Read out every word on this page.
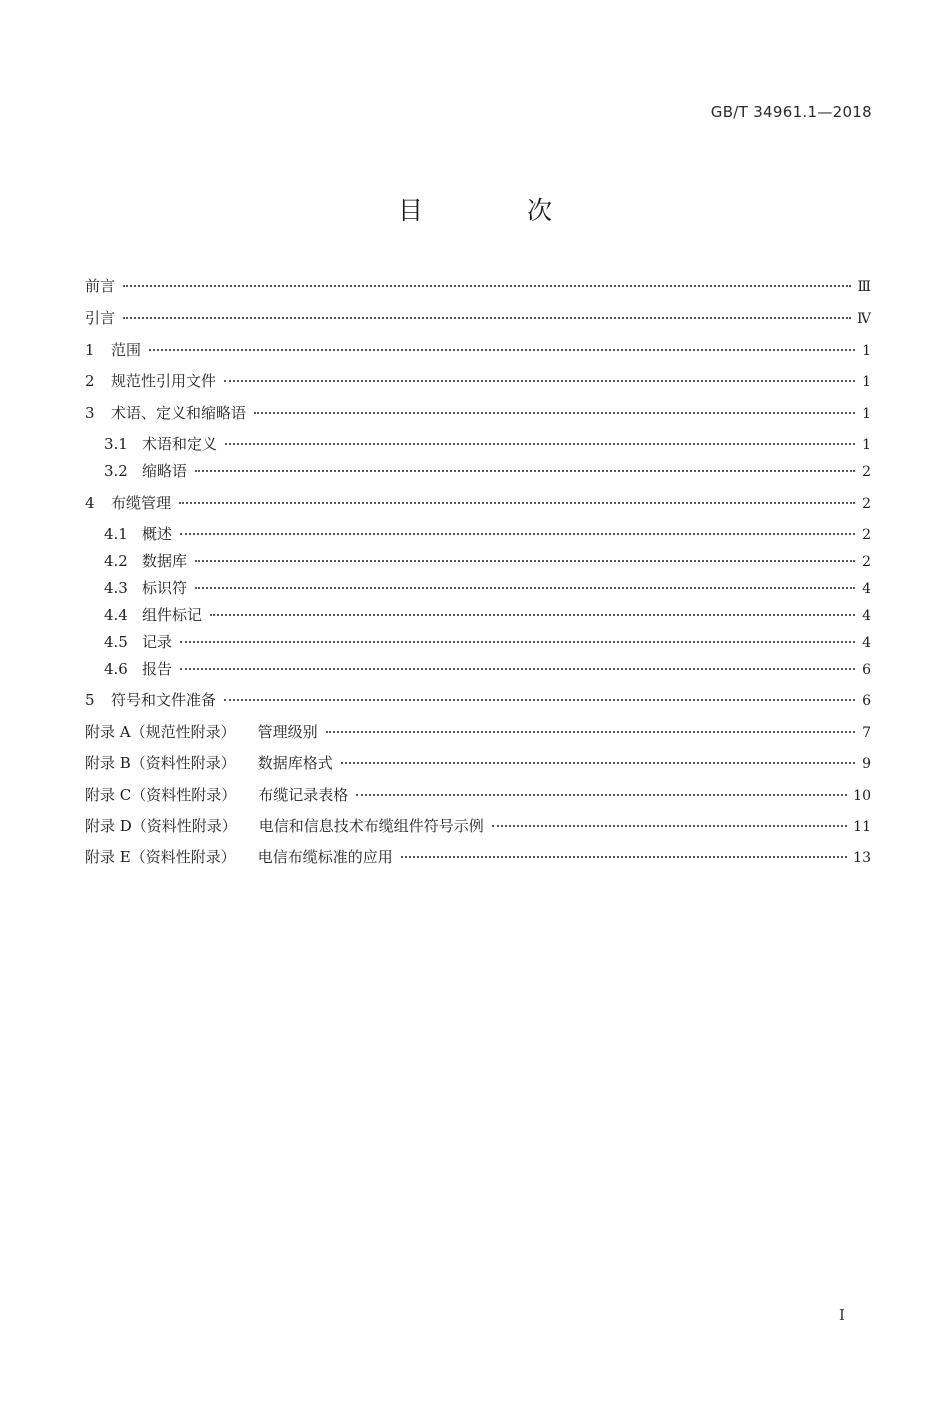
GB/T 34961.1—2018
目 次
前言	Ⅲ
引言	Ⅳ
1	范围	1
2	规范性引用文件	1
3	术语、定义和缩略语	1
3.1 术语和定义	1
3.2 缩略语	2
4	布缆管理	2
4.1 概述	2
4.2 数据库	2
4.3 标识符	4
4.4 组件标记	4
4.5 记录	4
4.6 报告	6
5	符号和文件准备	6
附录 A（规范性附录） 管理级别	7
附录 B（资料性附录） 数据库格式	9
附录 C（资料性附录） 布缆记录表格	10
附录 D（资料性附录） 电信和信息技术布缆组件符号示例	11
附录 E（资料性附录） 电信布缆标准的应用	13
I
